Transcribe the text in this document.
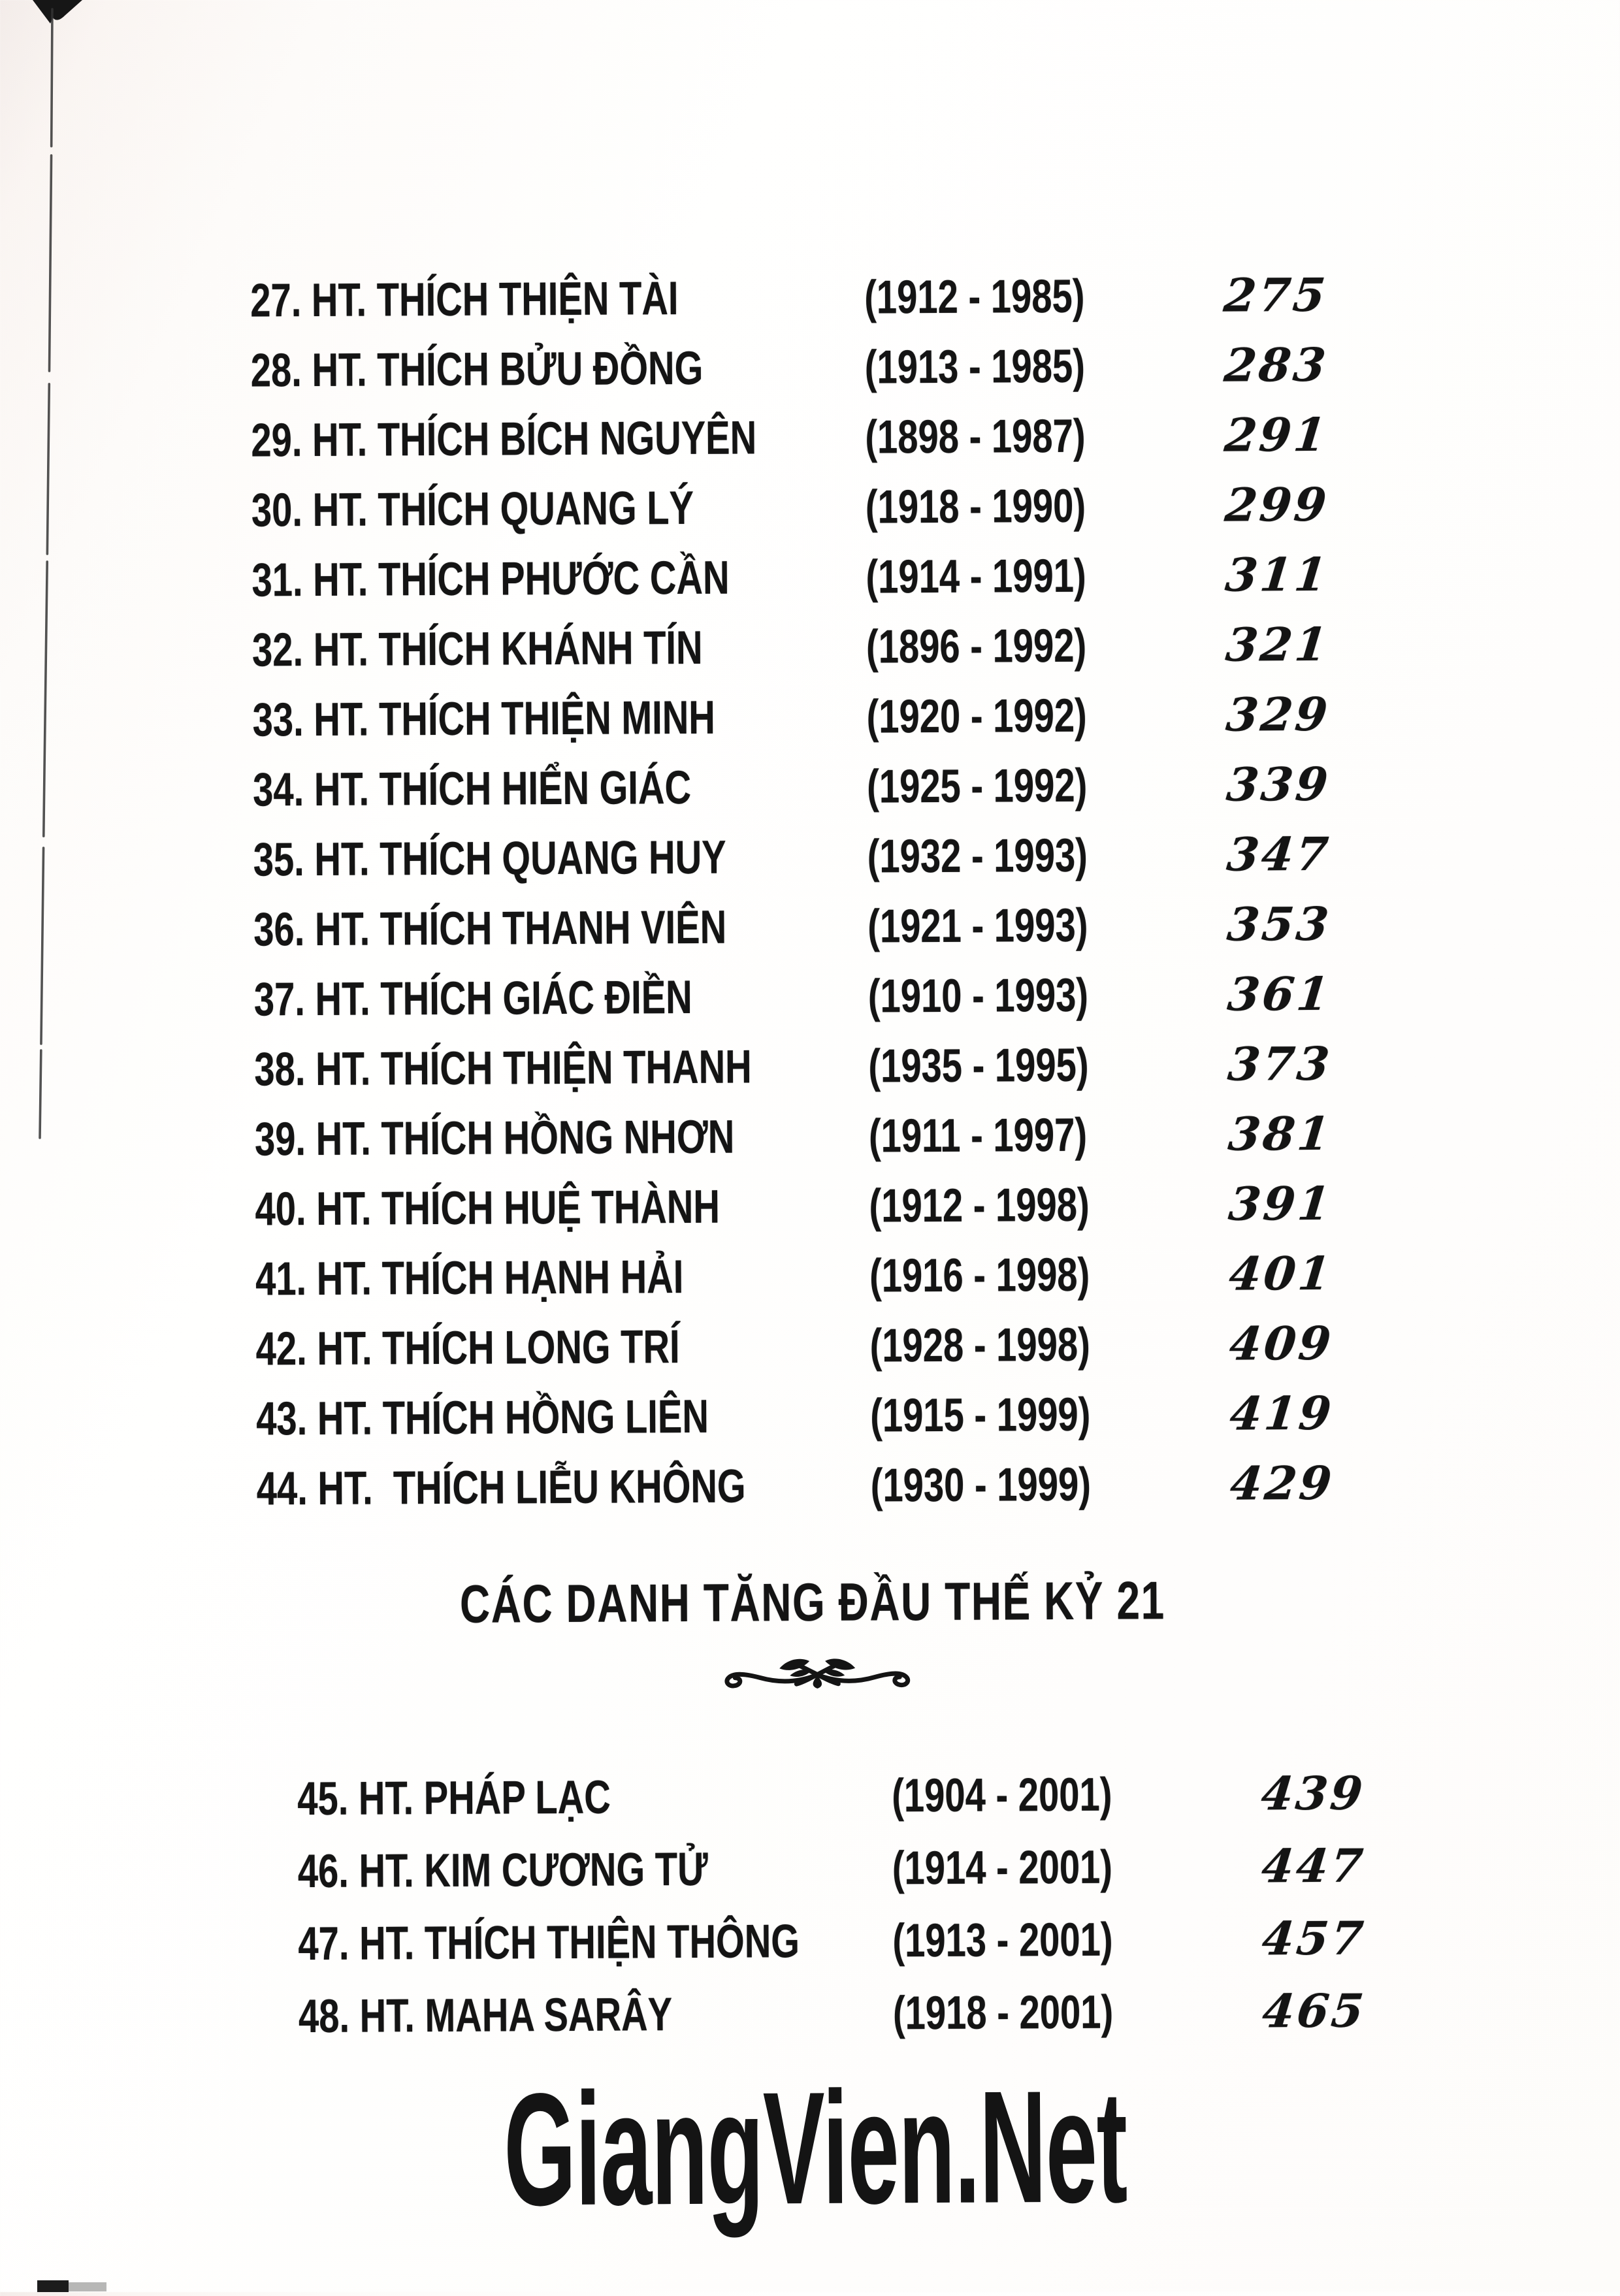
27. HT. THÍCH THIỆN TÀI	(1912 - 1985)	275
28. HT. THÍCH BỬU ĐỒNG	(1913 - 1985)	283
29. HT. THÍCH BÍCH NGUYÊN	(1898 - 1987)	291
30. HT. THÍCH QUANG LÝ	(1918 - 1990)	299
31. HT. THÍCH PHƯỚC CẦN	(1914 - 1991)	311
32. HT. THÍCH KHÁNH TÍN	(1896 - 1992)	321
33. HT. THÍCH THIỆN MINH	(1920 - 1992)	329
34. HT. THÍCH HIỂN GIÁC	(1925 - 1992)	339
35. HT. THÍCH QUANG HUY	(1932 - 1993)	347
36. HT. THÍCH THANH VIÊN	(1921 - 1993)	353
37. HT. THÍCH GIÁC ĐIỀN	(1910 - 1993)	361
38. HT. THÍCH THIỆN THANH	(1935 - 1995)	373
39. HT. THÍCH HỒNG NHƠN	(1911 - 1997)	381
40. HT. THÍCH HUỆ THÀNH	(1912 - 1998)	391
41. HT. THÍCH HẠNH HẢI	(1916 - 1998)	401
42. HT. THÍCH LONG TRÍ	(1928 - 1998)	409
43. HT. THÍCH HỒNG LIÊN	(1915 - 1999)	419
44. HT.  THÍCH LIỄU KHÔNG	(1930 - 1999)	429
CÁC DANH TĂNG ĐẦU THẾ KỶ 21
45. HT. PHÁP LẠC	(1904 - 2001)	439
46. HT. KIM CƯƠNG TỬ	(1914 - 2001)	447
47. HT. THÍCH THIỆN THÔNG	(1913 - 2001)	457
48. HT. MAHA SARÂY	(1918 - 2001)	465
GiangVien.Net
